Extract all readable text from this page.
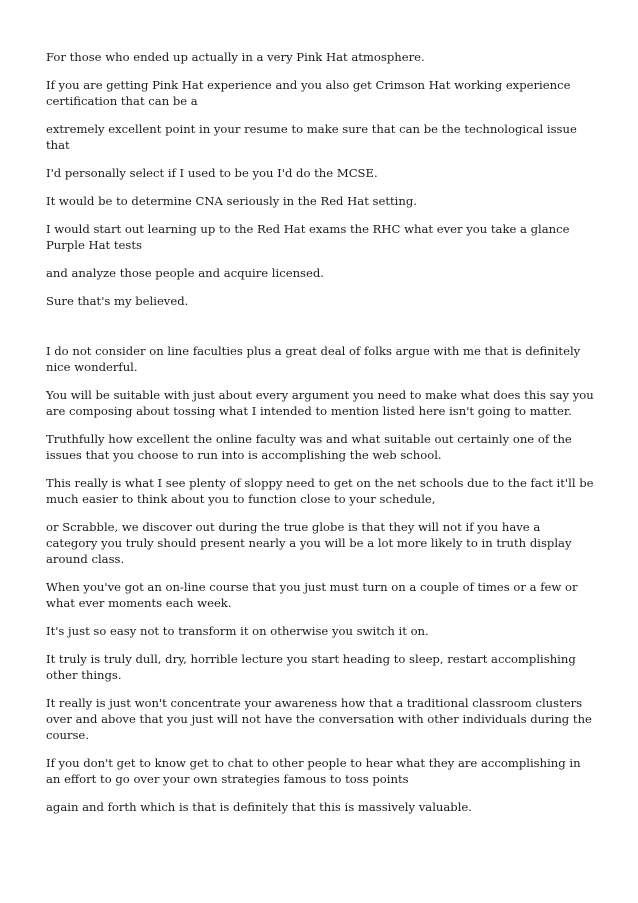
For those who ended up actually in a very Pink Hat atmosphere.

If you are getting Pink Hat experience and you also get Crimson Hat working experience certification that can be a

extremely excellent point in your resume to make sure that can be the technological issue that

I'd personally select if I used to be you I'd do the MCSE.

It would be to determine CNA seriously in the Red Hat setting.

I would start out learning up to the Red Hat exams the RHC what ever you take a glance Purple Hat tests

and analyze those people and acquire licensed.

Sure that's my believed.

I do not consider on line faculties plus a great deal of folks argue with me that is definitely nice wonderful.

You will be suitable with just about every argument you need to make what does this say you are composing about tossing what I intended to mention listed here isn't going to matter.

Truthfully how excellent the online faculty was and what suitable out certainly one of the issues that you choose to run into is accomplishing the web school.

This really is what I see plenty of sloppy need to get on the net schools due to the fact it'll be much easier to think about you to function close to your schedule,

or Scrabble, we discover out during the true globe is that they will not if you have a category you truly should present nearly a you will be a lot more likely to in truth display around class.

When you've got an on-line course that you just must turn on a couple of times or a few or what ever moments each week.

It's just so easy not to transform it on otherwise you switch it on.

It truly is truly dull, dry, horrible lecture you start heading to sleep, restart accomplishing other things.

It really is just won't concentrate your awareness how that a traditional classroom clusters over and above that you just will not have the conversation with other individuals during the course.

If you don't get to know get to chat to other people to hear what they are accomplishing in an effort to go over your own strategies famous to toss points

again and forth which is that is definitely that this is massively valuable.
